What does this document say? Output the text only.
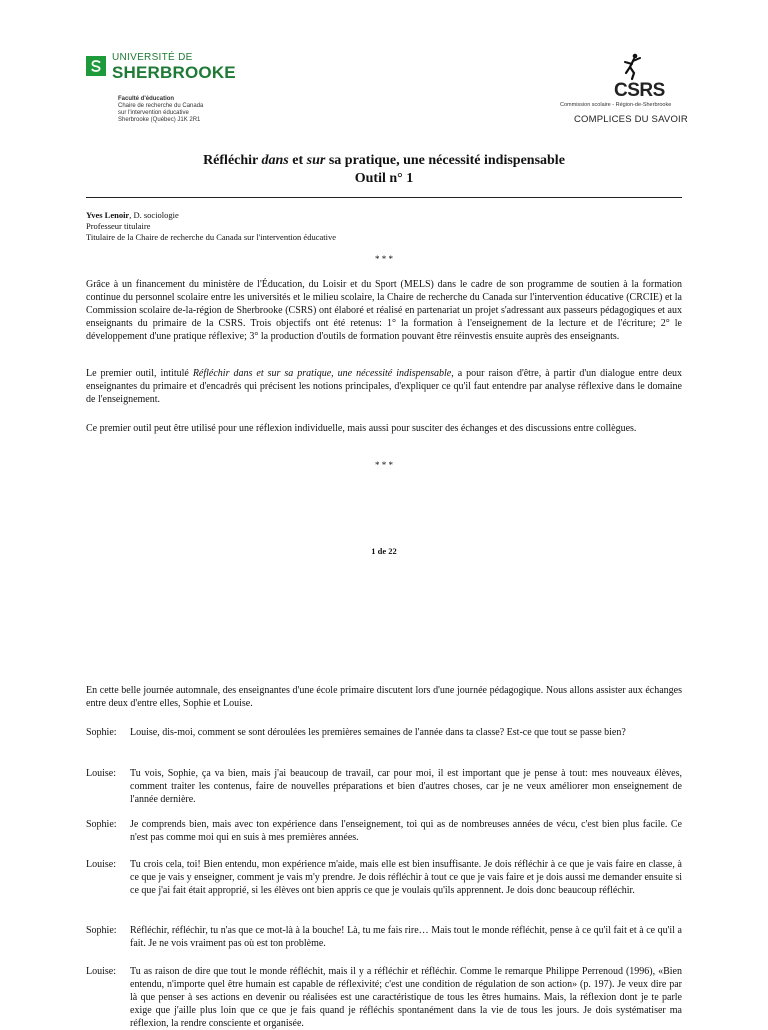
UNIVERSITÉ DE
SHERBROOKE
Faculté d'éducation
Chaire de recherche du Canada
sur l'intervention éducative
Sherbrooke (Québec) J1K 2R1
CSRS
Commission scolaire - Région-de-Sherbrooke
COMPLICES DU SAVOIR
Réfléchir dans et sur sa pratique, une nécessité indispensable
Outil n° 1
Yves Lenoir, D. sociologie
Professeur titulaire
Titulaire de la Chaire de recherche du Canada sur l'intervention éducative
* * *
Grâce à un financement du ministère de l'Éducation, du Loisir et du Sport (MELS) dans le cadre de son programme de soutien à la formation continue du personnel scolaire entre les universités et le milieu scolaire, la Chaire de recherche du Canada sur l'intervention éducative (CRCIE) et la Commission scolaire de-la-région de Sherbrooke (CSRS) ont élaboré et réalisé en partenariat un projet s'adressant aux passeurs pédagogiques et aux enseignants du primaire de la CSRS. Trois objectifs ont été retenus: 1° la formation à l'enseignement de la lecture et de l'écriture; 2° le développement d'une pratique réflexive; 3° la production d'outils de formation pouvant être réinvestis ensuite auprès des enseignants.
Le premier outil, intitulé Réfléchir dans et sur sa pratique, une nécessité indispensable, a pour raison d'être, à partir d'un dialogue entre deux enseignantes du primaire et d'encadrés qui précisent les notions principales, d'expliquer ce qu'il faut entendre par analyse réflexive dans le domaine de l'enseignement.
Ce premier outil peut être utilisé pour une réflexion individuelle, mais aussi pour susciter des échanges et des discussions entre collègues.
* * *
1 de 22
En cette belle journée automnale, des enseignantes d'une école primaire discutent lors d'une journée pédagogique. Nous allons assister aux échanges entre deux d'entre elles, Sophie et Louise.
Sophie:	Louise, dis-moi, comment se sont déroulées les premières semaines de l'année dans ta classe? Est-ce que tout se passe bien?
Louise:	Tu vois, Sophie, ça va bien, mais j'ai beaucoup de travail, car pour moi, il est important que je pense à tout: mes nouveaux élèves, comment traiter les contenus, faire de nouvelles préparations et bien d'autres choses, car je ne veux améliorer mon enseignement de l'année dernière.
Sophie:	Je comprends bien, mais avec ton expérience dans l'enseignement, toi qui as de nombreuses années de vécu, c'est bien plus facile. Ce n'est pas comme moi qui en suis à mes premières années.
Louise:	Tu crois cela, toi! Bien entendu, mon expérience m'aide, mais elle est bien insuffisante. Je dois réfléchir à ce que je vais faire en classe, à ce que je vais y enseigner, comment je vais m'y prendre. Je dois réfléchir à tout ce que je vais faire et je dois aussi me demander ensuite si ce que j'ai fait était approprié, si les élèves ont bien appris ce que je voulais qu'ils apprennent. Je dois donc beaucoup réfléchir.
Sophie:	Réfléchir, réfléchir, tu n'as que ce mot-là à la bouche! Là, tu me fais rire… Mais tout le monde réfléchit, pense à ce qu'il fait et à ce qu'il a fait. Je ne vois vraiment pas où est ton problème.
Louise:	Tu as raison de dire que tout le monde réfléchit, mais il y a réfléchir et réfléchir. Comme le remarque Philippe Perrenoud (1996), «Bien entendu, n'importe quel être humain est capable de réflexivité; c'est une condition de régulation de son action» (p. 197). Je veux dire par là que penser à ses actions en devenir ou réalisées est une caractéristique de tous les êtres humains. Mais, la réflexion dont je te parle exige que j'aille plus loin que ce que je fais quand je réfléchis spontanément dans la vie de tous les jours. Je dois systématiser ma réflexion, la rendre consciente et organisée.
